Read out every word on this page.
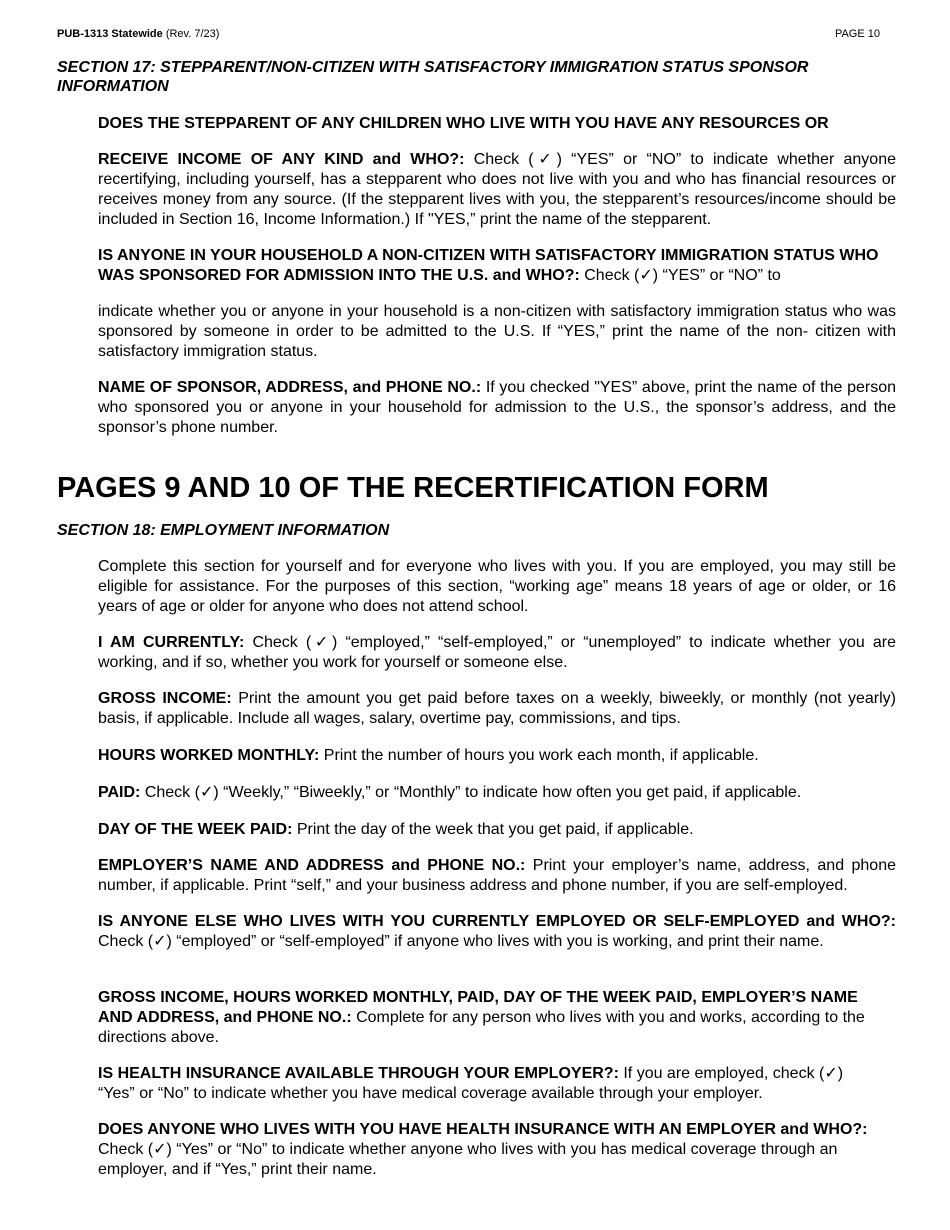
PUB-1313 Statewide (Rev. 7/23)	PAGE 10
SECTION 17: STEPPARENT/NON-CITIZEN WITH SATISFACTORY IMMIGRATION STATUS SPONSOR INFORMATION
DOES THE STEPPARENT OF ANY CHILDREN WHO LIVE WITH YOU HAVE ANY RESOURCES OR
RECEIVE INCOME OF ANY KIND and WHO?: Check (✓) “YES” or “NO” to indicate whether anyone recertifying, including yourself, has a stepparent who does not live with you and who has financial resources or receives money from any source. (If the stepparent lives with you, the stepparent’s resources/income should be included in Section 16, Income Information.) If "YES,” print the name of the stepparent.
IS ANYONE IN YOUR HOUSEHOLD A NON-CITIZEN WITH SATISFACTORY IMMIGRATION STATUS WHO WAS SPONSORED FOR ADMISSION INTO THE U.S. and WHO?: Check (✓) “YES” or “NO” to
indicate whether you or anyone in your household is a non-citizen with satisfactory immigration status who was sponsored by someone in order to be admitted to the U.S. If “YES,” print the name of the non- citizen with satisfactory immigration status.
NAME OF SPONSOR, ADDRESS, and PHONE NO.: If you checked "YES” above, print the name of the person who sponsored you or anyone in your household for admission to the U.S., the sponsor’s address, and the sponsor’s phone number.
PAGES 9 AND 10 OF THE RECERTIFICATION FORM
SECTION 18: EMPLOYMENT INFORMATION
Complete this section for yourself and for everyone who lives with you. If you are employed, you may still be eligible for assistance. For the purposes of this section, “working age” means 18 years of age or older, or 16 years of age or older for anyone who does not attend school.
I AM CURRENTLY: Check (✓) “employed,” “self-employed,” or “unemployed” to indicate whether you are working, and if so, whether you work for yourself or someone else.
GROSS INCOME: Print the amount you get paid before taxes on a weekly, biweekly, or monthly (not yearly) basis, if applicable. Include all wages, salary, overtime pay, commissions, and tips.
HOURS WORKED MONTHLY: Print the number of hours you work each month, if applicable.
PAID: Check (✓) “Weekly,” “Biweekly,” or “Monthly” to indicate how often you get paid, if applicable.
DAY OF THE WEEK PAID: Print the day of the week that you get paid, if applicable.
EMPLOYER’S NAME AND ADDRESS and PHONE NO.: Print your employer’s name, address, and phone number, if applicable. Print “self,” and your business address and phone number, if you are self-employed.
IS ANYONE ELSE WHO LIVES WITH YOU CURRENTLY EMPLOYED OR SELF-EMPLOYED and WHO?: Check (✓) “employed” or “self-employed” if anyone who lives with you is working, and print their name.
GROSS INCOME, HOURS WORKED MONTHLY, PAID, DAY OF THE WEEK PAID, EMPLOYER’S NAME AND ADDRESS, and PHONE NO.: Complete for any person who lives with you and works, according to the directions above.
IS HEALTH INSURANCE AVAILABLE THROUGH YOUR EMPLOYER?: If you are employed, check (✓) “Yes” or “No” to indicate whether you have medical coverage available through your employer.
DOES ANYONE WHO LIVES WITH YOU HAVE HEALTH INSURANCE WITH AN EMPLOYER and WHO?: Check (✓) “Yes” or “No” to indicate whether anyone who lives with you has medical coverage through an employer, and if “Yes,” print their name.
